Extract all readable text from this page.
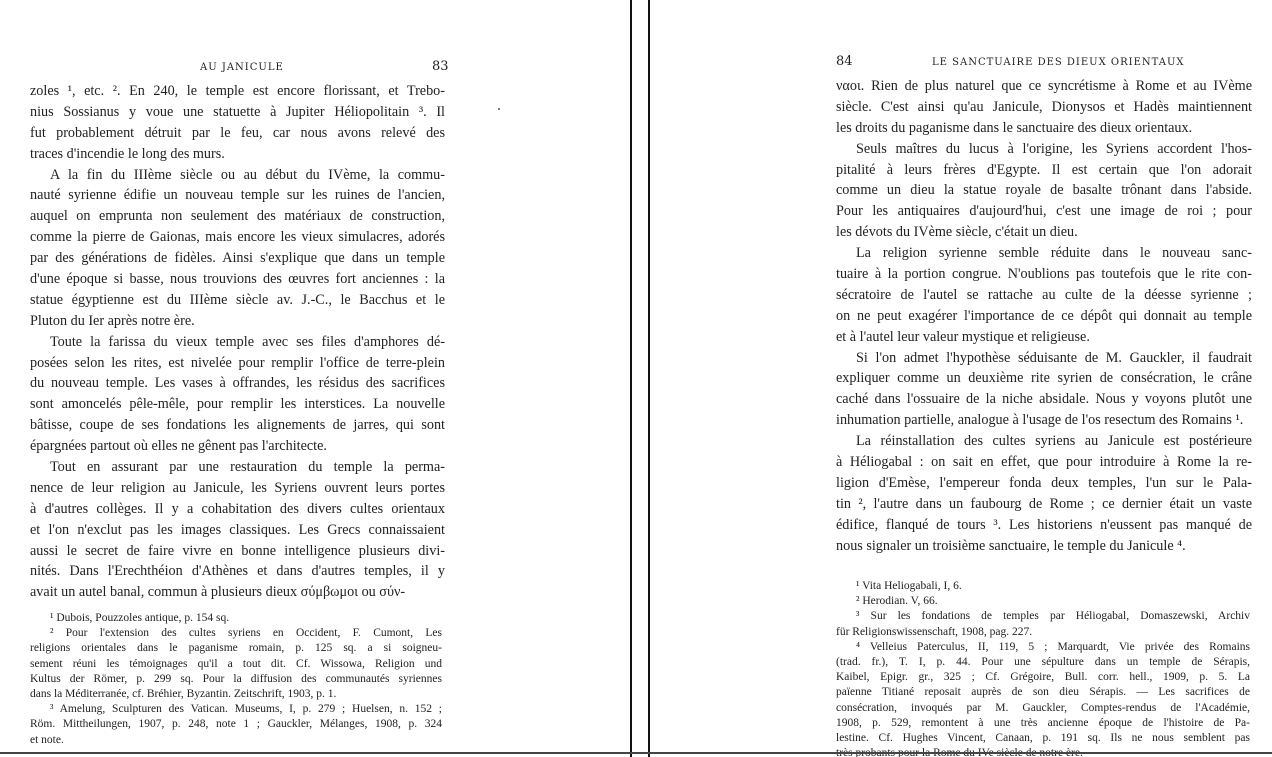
AU JANICULE	83
zoles ¹, etc. ². En 240, le temple est encore florissant, et Trebo-
nius Sossianus y voue une statuette à Jupiter Héliopolitain ³. Il
fut probablement détruit par le feu, car nous avons relevé des
traces d'incendie le long des murs.
A la fin du IIIème siècle ou au début du IVème, la commu-
nauté syrienne édifie un nouveau temple sur les ruines de l'ancien,
auquel on emprunta non seulement des matériaux de construction,
comme la pierre de Gaionas, mais encore les vieux simulacres, adorés
par des générations de fidèles. Ainsi s'explique que dans un temple
d'une époque si basse, nous trouvions des œuvres fort anciennes : la
statue égyptienne est du IIIème siècle av. J.-C., le Bacchus et le
Pluton du Ier après notre ère.
Toute la farissa du vieux temple avec ses files d'amphores dé-
posées selon les rites, est nivelée pour remplir l'office de terre-plein
du nouveau temple. Les vases à offrandes, les résidus des sacrifices
sont amoncelés pêle-mêle, pour remplir les interstices. La nouvelle
bâtisse, coupe de ses fondations les alignements de jarres, qui sont
épargnées partout où elles ne gênent pas l'architecte.
Tout en assurant par une restauration du temple la perma-
nence de leur religion au Janicule, les Syriens ouvrent leurs portes
à d'autres collèges. Il y a cohabitation des divers cultes orientaux
et l'on n'exclut pas les images classiques. Les Grecs connaissaient
aussi le secret de faire vivre en bonne intelligence plusieurs divi-
nités. Dans l'Erechthéion d'Athènes et dans d'autres temples, il y
avait un autel banal, commun à plusieurs dieux σύμβωμοι ou σύν-
¹ Dubois, Pouzzoles antique, p. 154 sq.
² Pour l'extension des cultes syriens en Occident, F. Cumont, Les
religions orientales dans le paganisme romain, p. 125 sq. a si soigneu-
sement réuni les témoignages qu'il a tout dit. Cf. Wissowa, Religion und
Kultus der Römer, p. 299 sq. Pour la diffusion des communautés syriennes
dans la Méditerranée, cf. Bréhier, Byzantin. Zeitschrift, 1903, p. 1.
³ Amelung, Sculpturen des Vatican. Museums, I, p. 279 ; Huelsen, n. 152 ;
Röm. Mittheilungen, 1907, p. 248, note 1 ; Gauckler, Mélanges, 1908, p. 324
et note.
84	LE SANCTUAIRE DES DIEUX ORIENTAUX
ναοι. Rien de plus naturel que ce syncrétisme à Rome et au IVème
siècle. C'est ainsi qu'au Janicule, Dionysos et Hadès maintiennent
les droits du paganisme dans le sanctuaire des dieux orientaux.
Seuls maîtres du lucus à l'origine, les Syriens accordent l'hos-
pitalité à leurs frères d'Egypte. Il est certain que l'on adorait
comme un dieu la statue royale de basalte trônant dans l'abside.
Pour les antiquaires d'aujourd'hui, c'est une image de roi ; pour
les dévots du IVème siècle, c'était un dieu.
La religion syrienne semble réduite dans le nouveau sanc-
tuaire à la portion congrue. N'oublions pas toutefois que le rite con-
sécratoire de l'autel se rattache au culte de la déesse syrienne ;
on ne peut exagérer l'importance de ce dépôt qui donnait au temple
et à l'autel leur valeur mystique et religieuse.
Si l'on admet l'hypothèse séduisante de M. Gauckler, il faudrait
expliquer comme un deuxième rite syrien de consécration, le crâne
caché dans l'ossuaire de la niche absidale. Nous y voyons plutôt une
inhumation partielle, analogue à l'usage de l'os resectum des Romains ¹.
La réinstallation des cultes syriens au Janicule est postérieure
à Héliogabal : on sait en effet, que pour introduire à Rome la re-
ligion d'Emèse, l'empereur fonda deux temples, l'un sur le Pala-
tin ², l'autre dans un faubourg de Rome ; ce dernier était un vaste
édifice, flanqué de tours ³. Les historiens n'eussent pas manqué de
nous signaler un troisième sanctuaire, le temple du Janicule ⁴.
¹ Vita Heliogabali, I, 6.
² Herodian. V, 66.
³ Sur les fondations de temples par Héliogabal, Domaszewski, Archiv
für Religionswissenschaft, 1908, pag. 227.
⁴ Velleius Paterculus, II, 119, 5 ; Marquardt, Vie privée des Romains
(trad. fr.), T. I, p. 44. Pour une sépulture dans un temple de Sérapis,
Kaibel, Epigr. gr., 325 ; Cf. Grégoire, Bull. corr. hell., 1909, p. 5. La
païenne Titiané reposait auprès de son dieu Sérapis. — Les sacrifices de
consécration, invoqués par M. Gauckler, Comptes-rendus de l'Académie,
1908, p. 529, remontent à une très ancienne époque de l'histoire de Pa-
lestine. Cf. Hughes Vincent, Canaan, p. 191 sq. Ils ne nous semblent pas
